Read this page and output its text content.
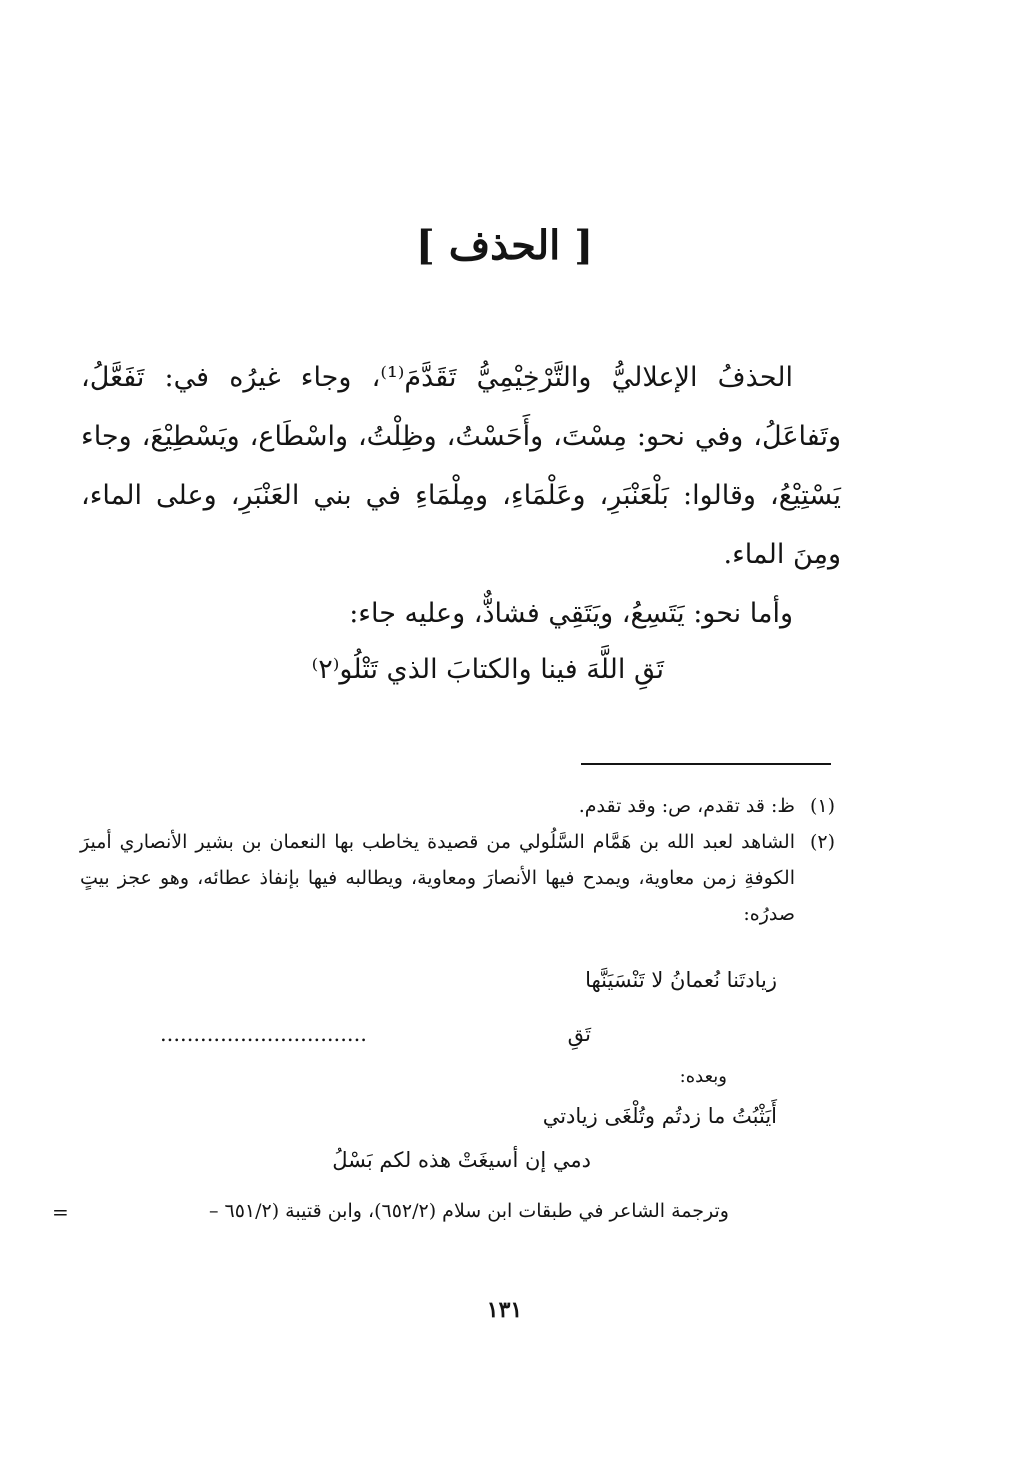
[ الحذف ]

الحذفُ الإعلاليُّ والتَّرْخِيْمِيُّ تَقَدَّمَ⁽¹⁾، وجاء غيرُه في: تَفَعَّلُ، وتَفاعَلُ، وفي نحو: مِسْتَ، وأَحَسْتُ، وظِلْتُ، واسْطَاع، ويَسْطِيْعَ، وجاء يَسْتِيْعُ، وقالوا: بَلْعَنْبَرِ، وعَلْمَاءِ، ومِلْمَاءِ في بني العَنْبَرِ، وعلى الماء، ومِنَ الماء.

وأما نحو: يَتَسِعُ، ويَتَقِي فشاذٌّ، وعليه جاء:

تَقِ اللَّهَ فينا والكتابَ الذي تَتْلُو⁽٢⁾
(١)

ظ: قد تقدم، ص: وقد تقدم.

(٢)

الشاهد لعبد الله بن هَمَّام السَّلُولي من قصيدة يخاطب بها النعمان بن بشير الأنصاري أميرَ الكوفةِ زمن معاوية، ويمدح فيها الأنصارَ ومعاوية، ويطالبه فيها بإنفاذ عطائه، وهو عجز بيتٍ صدرُه:

زيادتَنا نُعمانُ لا تَنْسَيَنَّها
تَقِ
...............................
وبعده:
أَيَثْبُتُ ما زدتُم وتُلْغَى زيادتي
دمي إن أسيغَتْ هذه لكم بَسْلُ
وترجمة الشاعر في طبقات ابن سلام (٦٥٢/٢)، وابن قتيبة (٦٥١/٢ –
=
١٣١
